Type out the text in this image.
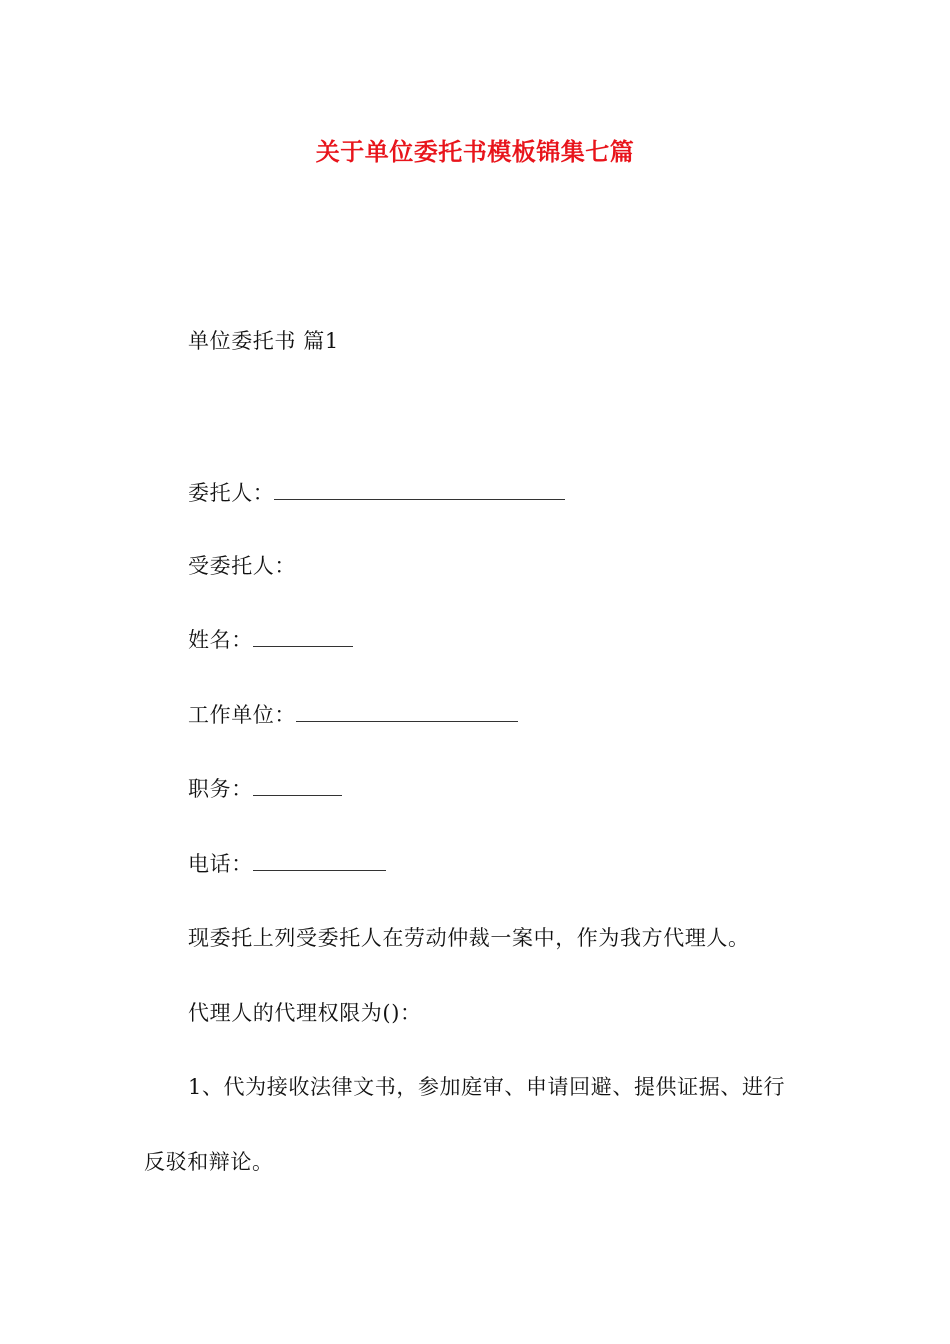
关于单位委托书模板锦集七篇
单位委托书 篇1
委托人：
受委托人：
姓名：
工作单位：
职务：
电话：
现委托上列受委托人在劳动仲裁一案中，作为我方代理人。
代理人的代理权限为()：
1、代为接收法律文书，参加庭审、申请回避、提供证据、进行
反驳和辩论。
